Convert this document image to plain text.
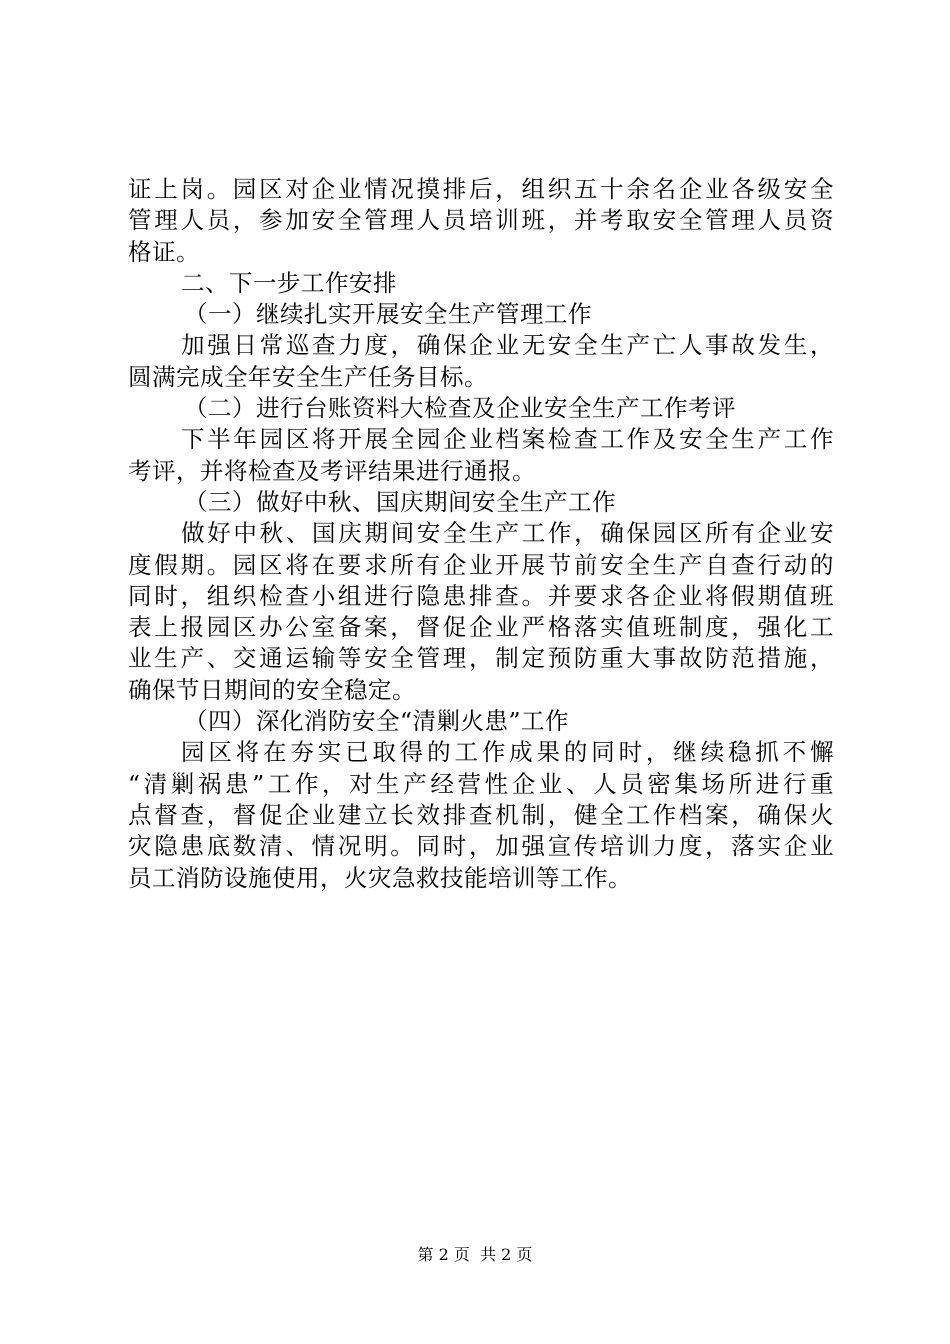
证上岗。园区对企业情况摸排后，组织五十余名企业各级安全
管理人员，参加安全管理人员培训班，并考取安全管理人员资
格证。
二、下一步工作安排
（一）继续扎实开展安全生产管理工作
加强日常巡查力度，确保企业无安全生产亡人事故发生，
圆满完成全年安全生产任务目标。
（二）进行台账资料大检查及企业安全生产工作考评
下半年园区将开展全园企业档案检查工作及安全生产工作
考评，并将检查及考评结果进行通报。
（三）做好中秋、国庆期间安全生产工作
做好中秋、国庆期间安全生产工作，确保园区所有企业安
度假期。园区将在要求所有企业开展节前安全生产自查行动的
同时，组织检查小组进行隐患排查。并要求各企业将假期值班
表上报园区办公室备案，督促企业严格落实值班制度，强化工
业生产、交通运输等安全管理，制定预防重大事故防范措施，
确保节日期间的安全稳定。
（四）深化消防安全“清剿火患”工作
园区将在夯实已取得的工作成果的同时，继续稳抓不懈
“清剿祸患”工作，对生产经营性企业、人员密集场所进行重
点督查，督促企业建立长效排查机制，健全工作档案，确保火
灾隐患底数清、情况明。同时，加强宣传培训力度，落实企业
员工消防设施使用，火灾急救技能培训等工作。
第 2 页  共 2 页
